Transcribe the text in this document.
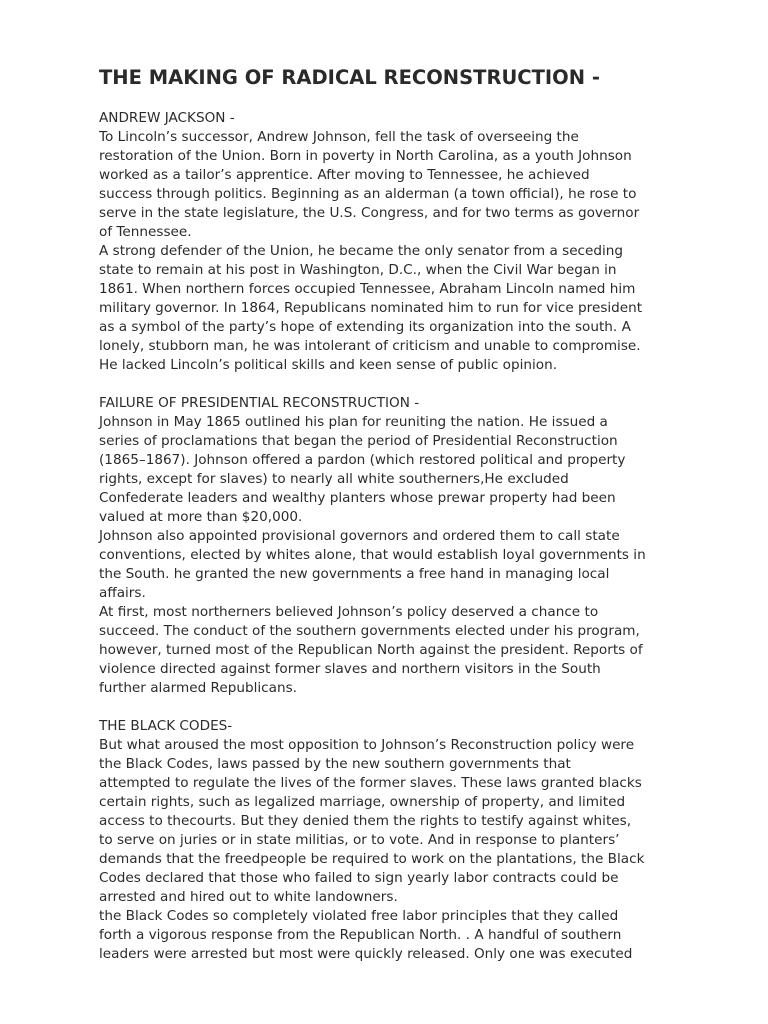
THE MAKING OF RADICAL RECONSTRUCTION -
ANDREW JACKSON -

To Lincoln’s successor, Andrew Johnson, fell the task of overseeing the
restoration of the Union. Born in poverty in North Carolina, as a youth Johnson
worked as a tailor’s apprentice. After moving to Tennessee, he achieved
success through politics. Beginning as an alderman (a town official), he rose to
serve in the state legislature, the U.S. Congress, and for two terms as governor
of Tennessee.

A strong defender of the Union, he became the only senator from a seceding
state to remain at his post in Washington, D.C., when the Civil War began in
1861. When northern forces occupied Tennessee, Abraham Lincoln named him
military governor. In 1864, Republicans nominated him to run for vice president
as a symbol of the party’s hope of extending its organization into the south. A
lonely, stubborn man, he was intolerant of criticism and unable to compromise.
He lacked Lincoln’s political skills and keen sense of public opinion.

FAILURE OF PRESIDENTIAL RECONSTRUCTION -

Johnson in May 1865 outlined his plan for reuniting the nation. He issued a
series of proclamations that began the period of Presidential Reconstruction
(1865–1867). Johnson offered a pardon (which restored political and property
rights, except for slaves) to nearly all white southerners,He excluded
Confederate leaders and wealthy planters whose prewar property had been
valued at more than $20,000.

Johnson also appointed provisional governors and ordered them to call state
conventions, elected by whites alone, that would establish loyal governments in
the South. he granted the new governments a free hand in managing local
affairs.

At first, most northerners believed Johnson’s policy deserved a chance to
succeed. The conduct of the southern governments elected under his program,
however, turned most of the Republican North against the president. Reports of
violence directed against former slaves and northern visitors in the South
further alarmed Republicans.

THE BLACK CODES-

But what aroused the most opposition to Johnson’s Reconstruction policy were
the Black Codes, laws passed by the new southern governments that
attempted to regulate the lives of the former slaves. These laws granted blacks
certain rights, such as legalized marriage, ownership of property, and limited
access to thecourts. But they denied them the rights to testify against whites,
to serve on juries or in state militias, or to vote. And in response to planters’
demands that the freedpeople be required to work on the plantations, the Black
Codes declared that those who failed to sign yearly labor contracts could be
arrested and hired out to white landowners.

the Black Codes so completely violated free labor principles that they called
forth a vigorous response from the Republican North. . A handful of southern
leaders were arrested but most were quickly released. Only one was executed
